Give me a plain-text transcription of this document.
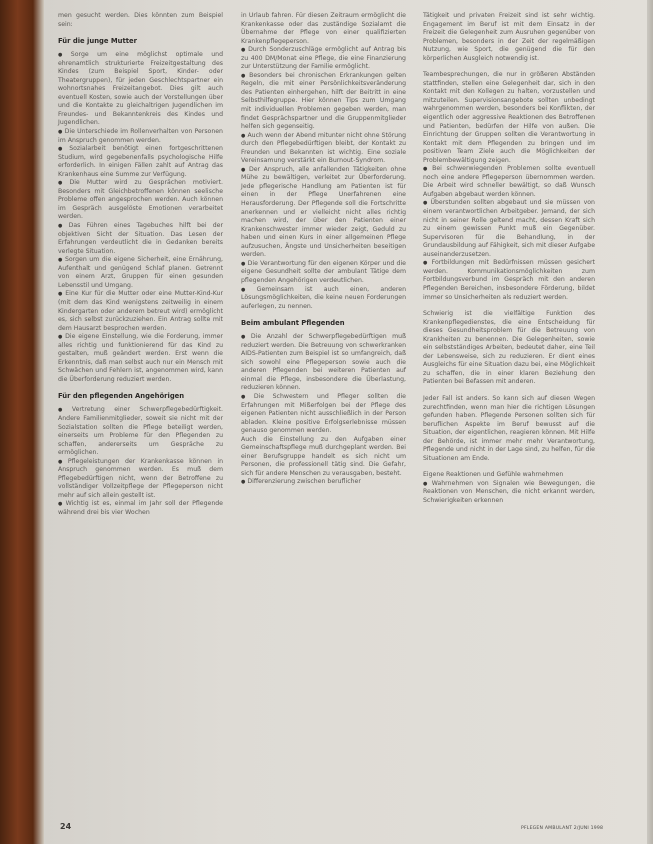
men gesucht werden. Dies könnten zum Beispiel sein:

Für die junge Mutter

● Sorge um eine möglichst optimale und ehrenamtlich strukturierte Freizeitgestaltung des Kindes (zum Beispiel Sport, Kinder- oder Theatergruppen), für jeden Geschlechtspartner ein wohnortsnahes Freizeitangebot. Dies gilt auch eventuell Kosten, sowie auch der Vorstellungen über und die Kontakte zu gleichaltrigen Jugendlichen im Freundes- und Bekanntenkreis des Kindes und Jugendlichen.

● Die Unterschiede im Rollenverhalten von Personen im Anspruch genommen werden.

● Sozialarbeit benötigt einen fortgeschrittenen Studium, wird gegebenenfalls psychologische Hilfe erforderlich. In einigen Fällen zahlt auf Antrag das Krankenhaus eine Summe zur Verfügung.

● Die Mutter wird zu Gesprächen motiviert. Besonders mit Gleichbetroffenen können seelische Probleme offen angesprochen werden. Auch können im Gespräch ausgelöste Emotionen verarbeitet werden.

● Das Führen eines Tagebuches hilft bei der objektiven Sicht der Situation. Das Lesen der Erfahrungen verdeutlicht die in Gedanken bereits verlegte Situation.

● Sorgen um die eigene Sicherheit, eine Ernährung, Aufenthalt und genügend Schlaf planen. Getrennt von einem Arzt, Gruppen für einen gesunden Lebensstil und Umgang.

● Eine Kur für die Mutter oder eine Mutter-Kind-Kur (mit dem das Kind wenigstens zeitweilig in einem Kindergarten oder anderem betreut wird) ermöglicht es, sich selbst zurückzuziehen. Ein Antrag sollte mit dem Hausarzt besprochen werden.

● Die eigene Einstellung, wie die Forderung, immer alles richtig und funktionierend für das Kind zu gestalten, muß geändert werden. Erst wenn die Erkenntnis, daß man selbst auch nur ein Mensch mit Schwächen und Fehlern ist, angenommen wird, kann die Überforderung reduziert werden.

Für den pflegenden Angehörigen

● Vertretung einer Schwerpflegebedürftigkeit. Andere Familienmitglieder, soweit sie nicht mit der Sozialstation sollten die Pflege beteiligt werden, einerseits um Probleme für den Pflegenden zu schaffen, andererseits um Gespräche zu ermöglichen.

● Pflegeleistungen der Krankenkasse können in Anspruch genommen werden. Es muß dem Pflegebedürftigen nicht, wenn der Betroffene zu vollständiger Vollzeitpflege der Pflegeperson nicht mehr auf sich allein gestellt ist.

● Wichtig ist es, einmal im Jahr soll der Pflegende während drei bis vier Wochen

in Urlaub fahren. Für diesen Zeitraum ermöglicht die Krankenkasse oder das zuständige Sozialamt die Übernahme der Pflege von einer qualifizierten Krankenpflegeperson.

● Durch Sonderzuschläge ermöglicht auf Antrag bis zu 400 DM/Monat eine Pflege, die eine Finanzierung zur Unterstützung der Familie ermöglicht.

● Besonders bei chronischen Erkrankungen gelten Regeln, die mit einer Persönlichkeitsveränderung des Patienten einhergehen, hilft der Beitritt in eine Selbsthilfegruppe. Hier können Tips zum Umgang mit individuellen Problemen gegeben werden, man findet Gesprächspartner und die Gruppenmitglieder helfen sich gegenseitig.

● Auch wenn der Abend mitunter nicht ohne Störung durch den Pflegebedürftigen bleibt, der Kontakt zu Freunden und Bekannten ist wichtig. Eine soziale Vereinsamung verstärkt ein Burnout-Syndrom.

● Der Anspruch, alle anfallenden Tätigkeiten ohne Mühe zu bewältigen, verleitet zur Überforderung. Jede pflegerische Handlung am Patienten ist für einen in der Pflege Unerfahrenen eine Herausforderung. Der Pflegende soll die Fortschritte anerkennen und er vielleicht nicht alles richtig machen wird, der über den Patienten einer Krankenschwester immer wieder zeigt, Geduld zu haben und einen Kurs in einer allgemeinen Pflege aufzusuchen, Ängste und Unsicherheiten beseitigen werden.

● Die Verantwortung für den eigenen Körper und die eigene Gesundheit sollte der ambulant Tätige dem pflegenden Angehörigen verdeutlichen.

● Gemeinsam ist auch einen, anderen Lösungsmöglichkeiten, die keine neuen Forderungen auferlegen, zu nennen.

Beim ambulant Pflegenden

● Die Anzahl der Schwerpflegebedürftigen muß reduziert werden. Die Betreuung von schwerkranken AIDS-Patienten zum Beispiel ist so umfangreich, daß sich sowohl eine Pflegeperson sowie auch die anderen Pflegenden bei weiteren Patienten auf einmal die Pflege, insbesondere die Überlastung, reduzieren können.

● Die Schwestern und Pfleger sollten die Erfahrungen mit Mißerfolgen bei der Pflege des eigenen Patienten nicht ausschließlich in der Person abladen. Kleine positive Erfolgserlebnisse müssen genauso genommen werden.

Auch die Einstellung zu den Aufgaben einer Gemeinschaftspflege muß durchgeplant werden. Bei einer Berufsgruppe handelt es sich nicht um Personen, die professionell tätig sind. Die Gefahr, sich für andere Menschen zu verausgaben, besteht.

● Differenzierung zwischen beruflicher

Tätigkeit und privaten Freizeit sind ist sehr wichtig. Engagement im Beruf ist mit dem Einsatz in der Freizeit die Gelegenheit zum Ausruhen gegenüber von Problemen, besonders in der Zeit der regelmäßigen Nutzung, wie Sport, die genügend die für den körperlichen Ausgleich notwendig ist.

Teambesprechungen, die nur in größeren Abständen stattfinden, stellen eine Gelegenheit dar, sich in den Kontakt mit den Kollegen zu halten, vorzustellen und mitzuteilen. Supervisionsangebote sollten unbedingt wahrgenommen werden, besonders bei Konflikten, der eigentlich oder aggressive Reaktionen des Betroffenen und Patienten, bedürfen der Hilfe von außen. Die Einrichtung der Gruppen sollten die Verantwortung in Kontakt mit dem Pflegenden zu bringen und im positiven Team Ziele auch die Möglichkeiten der Problembewältigung zeigen.

● Bei schwerwiegenden Problemen sollte eventuell noch eine andere Pflegeperson übernommen werden. Die Arbeit wird schneller bewältigt, so daß Wunsch Aufgaben abgebaut werden können.

● Überstunden sollten abgebaut und sie müssen von einem verantwortlichen Arbeitgeber. Jemand, der sich nicht in seiner Rolle geltend macht, dessen Kraft sich zu einem gewissen Punkt muß ein Gegenüber. Supervisoren für die Behandlung, in der Grundausbildung auf Fähigkeit, sich mit dieser Aufgabe auseinanderzusetzen.

● Fortbildungen mit Bedürfnissen müssen gesichert werden. Kommunikationsmöglichkeiten zum Fortbildungsverbund im Gespräch mit den anderen Pflegenden Bereichen, insbesondere Förderung, bildet immer so Unsicherheiten als reduziert werden.

Schwierig ist die vielfältige Funktion des Krankenpflegedienstes, die eine Entscheidung für dieses Gesundheitsproblem für die Betreuung von Krankheiten zu benennen. Die Gelegenheiten, sowie ein selbstständiges Arbeiten, bedeutet daher, eine Teil der Lebensweise, sich zu reduzieren. Er dient eines Ausgleichs für eine Situation dazu bei, eine Möglichkeit zu schaffen, die in einer klaren Beziehung den Patienten bei Befassen mit anderen.

Jeder Fall ist anders. So kann sich auf diesen Wegen zurechtfinden, wenn man hier die richtigen Lösungen gefunden haben. Pflegende Personen sollten sich für beruflichen Aspekte im Beruf bewusst auf die Situation, der eigentlichen, reagieren können. Mit Hilfe der Behörde, ist immer mehr mehr Verantwortung, Pflegende und nicht in der Lage sind, zu helfen, für die Situationen am Ende.

Eigene Reaktionen und Gefühle wahrnehmen

● Wahrnehmen von Signalen wie Bewegungen, die Reaktionen von Menschen, die nicht erkannt werden, Schwierigkeiten erkennen

24	PFLEGEN AMBULANT 2/JUNI 1998
